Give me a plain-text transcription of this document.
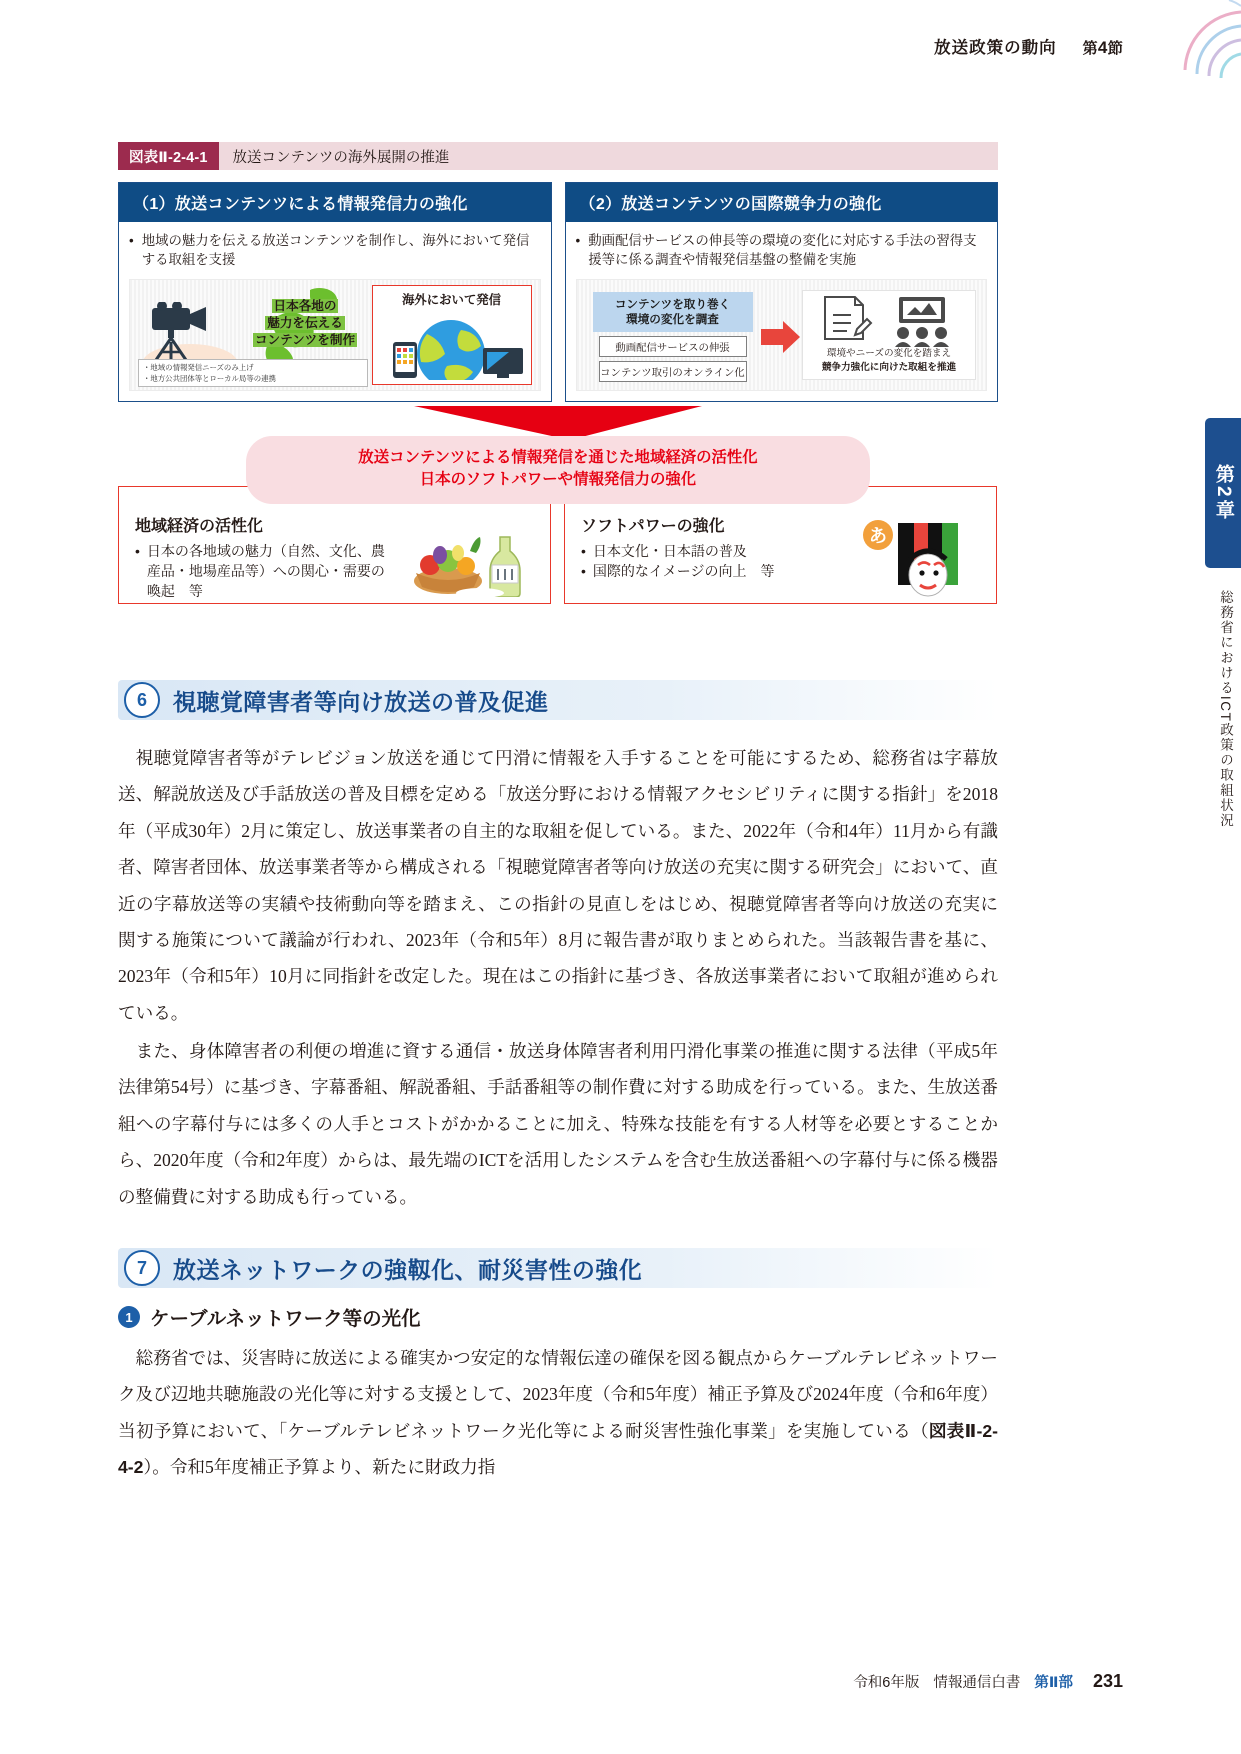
放送政策の動向 第4節
第2章
総務省におけるICT政策の取組状況
図表Ⅱ-2-4-1	放送コンテンツの海外展開の推進
（1）放送コンテンツによる情報発信力の強化
• 地域の魅力を伝える放送コンテンツを制作し、海外において発信する取組を支援
日本各地の
魅力を伝える
コンテンツを制作
・地域の情報発信ニーズのみ上げ
・地方公共団体等とローカル局等の連携
海外において発信
（2）放送コンテンツの国際競争力の強化
• 動画配信サービスの伸長等の環境の変化に対応する手法の習得支援等に係る調査や情報発信基盤の整備を実施
コンテンツを取り巻く
環境の変化を調査
動画配信サービスの伸張
コンテンツ取引のオンライン化
環境やニーズの変化を踏まえ
競争力強化に向けた取組を推進
放送コンテンツによる情報発信を通じた地域経済の活性化
日本のソフトパワーや情報発信力の強化
地域経済の活性化
• 日本の各地域の魅力（自然、文化、農産品・地場産品等）への関心・需要の喚起　等
ソフトパワーの強化
• 日本文化・日本語の普及
• 国際的なイメージの向上　等
あ
6	視聴覚障害者等向け放送の普及促進

視聴覚障害者等がテレビジョン放送を通じて円滑に情報を入手することを可能にするため、総務省は字幕放送、解説放送及び手話放送の普及目標を定める「放送分野における情報アクセシビリティに関する指針」を2018年（平成30年）2月に策定し、放送事業者の自主的な取組を促している。また、2022年（令和4年）11月から有識者、障害者団体、放送事業者等から構成される「視聴覚障害者等向け放送の充実に関する研究会」において、直近の字幕放送等の実績や技術動向等を踏まえ、この指針の見直しをはじめ、視聴覚障害者等向け放送の充実に関する施策について議論が行われ、2023年（令和5年）8月に報告書が取りまとめられた。当該報告書を基に、2023年（令和5年）10月に同指針を改定した。現在はこの指針に基づき、各放送事業者において取組が進められている。

また、身体障害者の利便の増進に資する通信・放送身体障害者利用円滑化事業の推進に関する法律（平成5年法律第54号）に基づき、字幕番組、解説番組、手話番組等の制作費に対する助成を行っている。また、生放送番組への字幕付与には多くの人手とコストがかかることに加え、特殊な技能を有する人材等を必要とすることから、2020年度（令和2年度）からは、最先端のICTを活用したシステムを含む生放送番組への字幕付与に係る機器の整備費に対する助成も行っている。

7	放送ネットワークの強靱化、耐災害性の強化
1 ケーブルネットワーク等の光化

総務省では、災害時に放送による確実かつ安定的な情報伝達の確保を図る観点からケーブルテレビネットワーク及び辺地共聴施設の光化等に対する支援として、2023年度（令和5年度）補正予算及び2024年度（令和6年度）当初予算において、「ケーブルテレビネットワーク光化等による耐災害性強化事業」を実施している（図表Ⅱ-2-4-2）。令和5年度補正予算より、新たに財政力指

令和6年版 情報通信白書 第Ⅱ部 231
